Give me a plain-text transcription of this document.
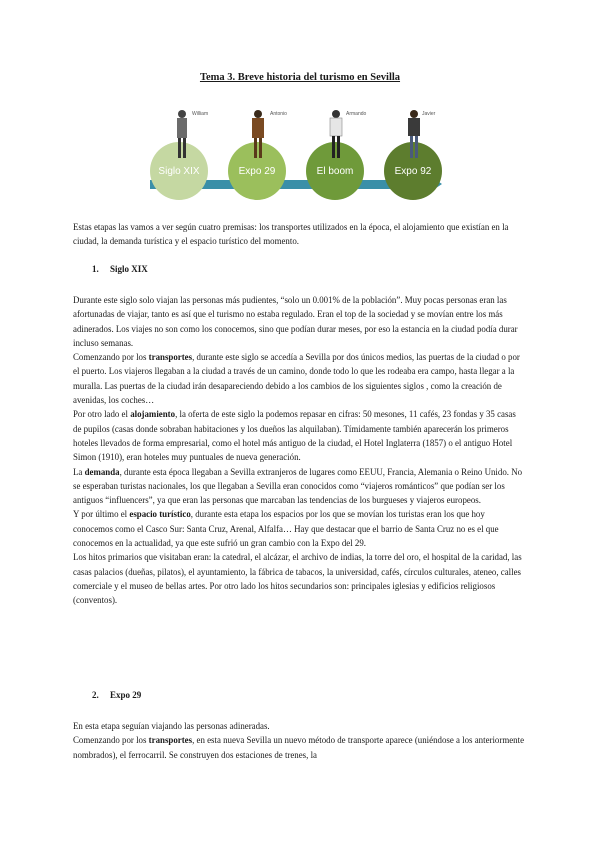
Tema 3. Breve historia del turismo en Sevilla
Siglo XIX
William
Expo 29
Antonio
El boom
Armando
Expo 92
Javier

Estas etapas las vamos a ver según cuatro premisas: los transportes utilizados en la época, el alojamiento que existían en la ciudad, la demanda turística y el espacio turístico del momento.

1. Siglo XIX

Durante este siglo solo viajan las personas más pudientes, “solo un 0.001% de la población”. Muy pocas personas eran las afortunadas de viajar, tanto es así que el turismo no estaba regulado. Eran el top de la sociedad y se movían entre los más adinerados. Los viajes no son como los conocemos, sino que podían durar meses, por eso la estancia en la ciudad podía durar incluso semanas.

Comenzando por los transportes, durante este siglo se accedía a Sevilla por dos únicos medios, las puertas de la ciudad o por el puerto. Los viajeros llegaban a la ciudad a través de un camino, donde todo lo que les rodeaba era campo, hasta llegar a la muralla. Las puertas de la ciudad irán desapareciendo debido a los cambios de los siguientes siglos , como la creación de avenidas, los coches…

Por otro lado el alojamiento, la oferta de este siglo la podemos repasar en cifras: 50 mesones, 11 cafés, 23 fondas y 35 casas de pupilos (casas donde sobraban habitaciones y los dueños las alquilaban). Tímidamente también aparecerán los primeros hoteles llevados de forma empresarial, como el hotel más antiguo de la ciudad, el Hotel Inglaterra (1857) o el antiguo Hotel Simon (1910), eran hoteles muy puntuales de nueva generación.

La demanda, durante esta época llegaban a Sevilla extranjeros de lugares como EEUU, Francia, Alemania o Reino Unido. No se esperaban turistas nacionales, los que llegaban a Sevilla eran conocidos como “viajeros románticos” que podían ser los antiguos “influencers”, ya que eran las personas que marcaban las tendencias de los burgueses y viajeros europeos.

Y por último el espacio turístico, durante esta etapa los espacios por los que se movían los turistas eran los que hoy conocemos como el Casco Sur: Santa Cruz, Arenal, Alfalfa… Hay que destacar que el barrio de Santa Cruz no es el que conocemos en la actualidad, ya que este sufrió un gran cambio con la Expo del 29.

Los hitos primarios que visitaban eran: la catedral, el alcázar, el archivo de indias, la torre del oro, el hospital de la caridad, las casas palacios (dueñas, pilatos), el ayuntamiento, la fábrica de tabacos, la universidad, cafés, círculos culturales, ateneo, calles comerciale y el museo de bellas artes. Por otro lado los hitos secundarios son: principales iglesias y edificios religiosos (conventos).

2. Expo 29

En esta etapa seguían viajando las personas adineradas.

Comenzando por los transportes, en esta nueva Sevilla un nuevo método de transporte aparece (uniéndose a los anteriormente nombrados), el ferrocarril. Se construyen dos estaciones de trenes, la
